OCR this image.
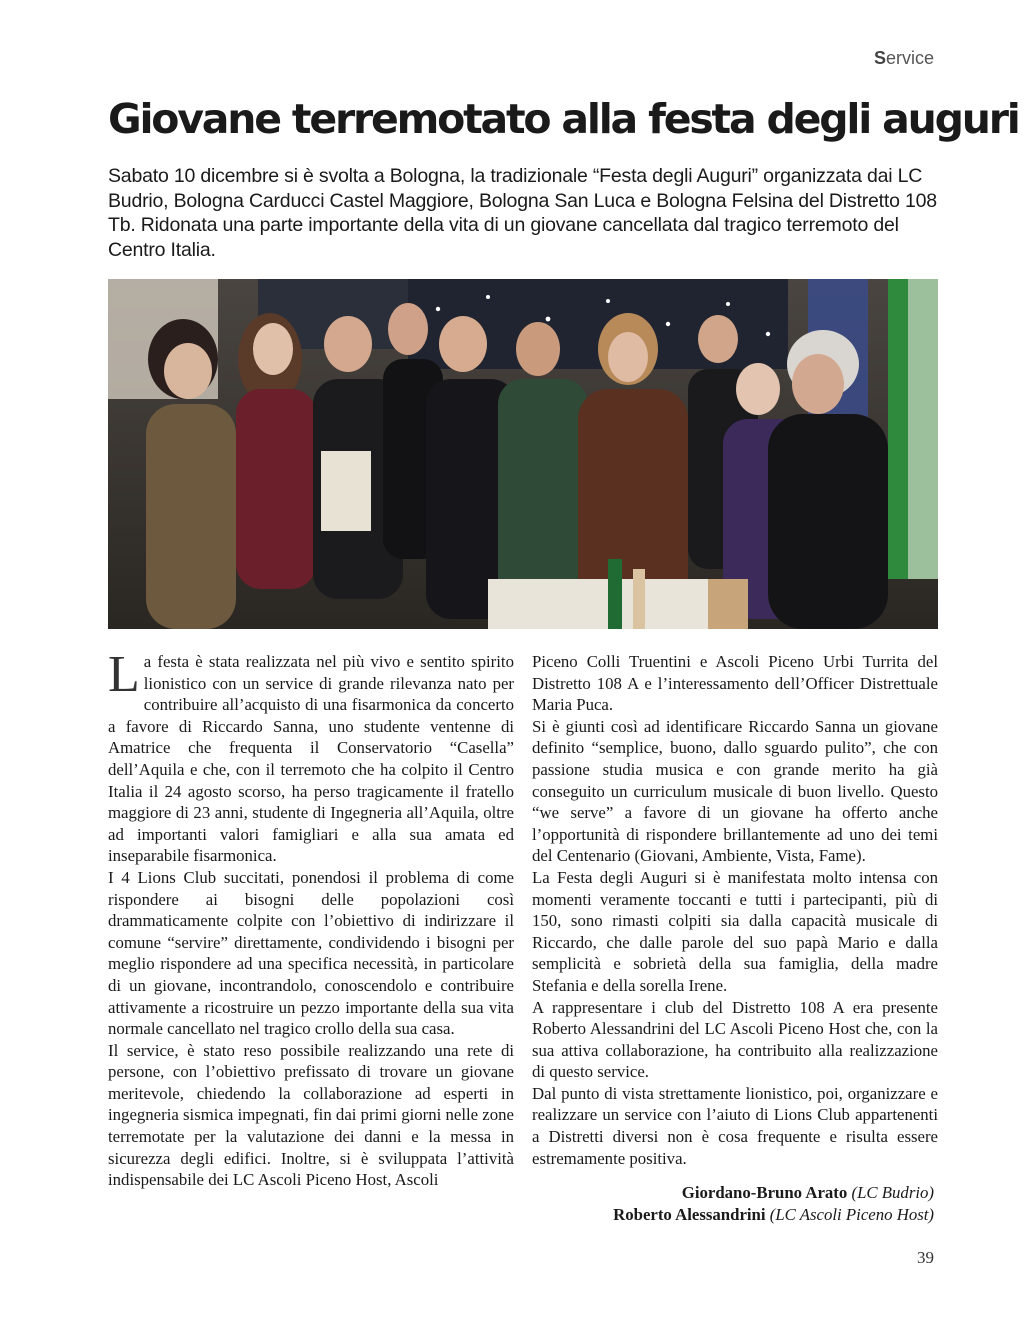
Service
Giovane terremotato alla festa degli auguri

Sabato 10 dicembre si è svolta a Bologna, la tradizionale “Festa degli Auguri” organizzata dai LC Budrio, Bologna Carducci Castel Maggiore, Bologna San Luca e Bologna Felsina del Distretto 108 Tb. Ridonata una parte importante della vita di un giovane cancellata dal tragico terremoto del Centro Italia.

La festa è stata realizzata nel più vivo e sentito spirito lionistico con un service di grande rilevanza nato per contribuire all’acquisto di una fisarmonica da concerto a favore di Riccardo Sanna, uno studente ventenne di Amatrice che frequenta il Conservatorio “Casella” dell’Aquila e che, con il terremoto che ha colpito il Centro Italia il 24 agosto scorso, ha perso tragicamente il fratello maggiore di 23 anni, studente di Ingegneria all’Aquila, oltre ad importanti valori famigliari e alla sua amata ed inseparabile fisarmonica.

I 4 Lions Club succitati, ponendosi il problema di come rispondere ai bisogni delle popolazioni così drammaticamente colpite con l’obiettivo di indirizzare il comune “servire” direttamente, condividendo i bisogni per meglio rispondere ad una specifica necessità, in particolare di un giovane, incontrandolo, conoscendolo e contribuire attivamente a ricostruire un pezzo importante della sua vita normale cancellato nel tragico crollo della sua casa.

Il service, è stato reso possibile realizzando una rete di persone, con l’obiettivo prefissato di trovare un giovane meritevole, chiedendo la collaborazione ad esperti in ingegneria sismica impegnati, fin dai primi giorni nelle zone terremotate per la valutazione dei danni e la messa in sicurezza degli edifici. Inoltre, si è sviluppata l’attività indispensabile dei LC Ascoli Piceno Host, Ascoli

Piceno Colli Truentini e Ascoli Piceno Urbi Turrita del Distretto 108 A e l’interessamento dell’Officer Distrettuale Maria Puca.

Si è giunti così ad identificare Riccardo Sanna un giovane definito “semplice, buono, dallo sguardo pulito”, che con passione studia musica e con grande merito ha già conseguito un curriculum musicale di buon livello. Questo “we serve” a favore di un giovane ha offerto anche l’opportunità di rispondere brillantemente ad uno dei temi del Centenario (Giovani, Ambiente, Vista, Fame).

La Festa degli Auguri si è manifestata molto intensa con momenti veramente toccanti e tutti i partecipanti, più di 150, sono rimasti colpiti sia dalla capacità musicale di Riccardo, che dalle parole del suo papà Mario e dalla semplicità e sobrietà della sua famiglia, della madre Stefania e della sorella Irene.

A rappresentare i club del Distretto 108 A era presente Roberto Alessandrini del LC Ascoli Piceno Host che, con la sua attiva collaborazione, ha contribuito alla realizzazione di questo service.

Dal punto di vista strettamente lionistico, poi, organizzare e realizzare un service con l’aiuto di Lions Club appartenenti a Distretti diversi non è cosa frequente e risulta essere estremamente positiva.

Giordano-Bruno Arato (LC Budrio)
Roberto Alessandrini (LC Ascoli Piceno Host)
39
